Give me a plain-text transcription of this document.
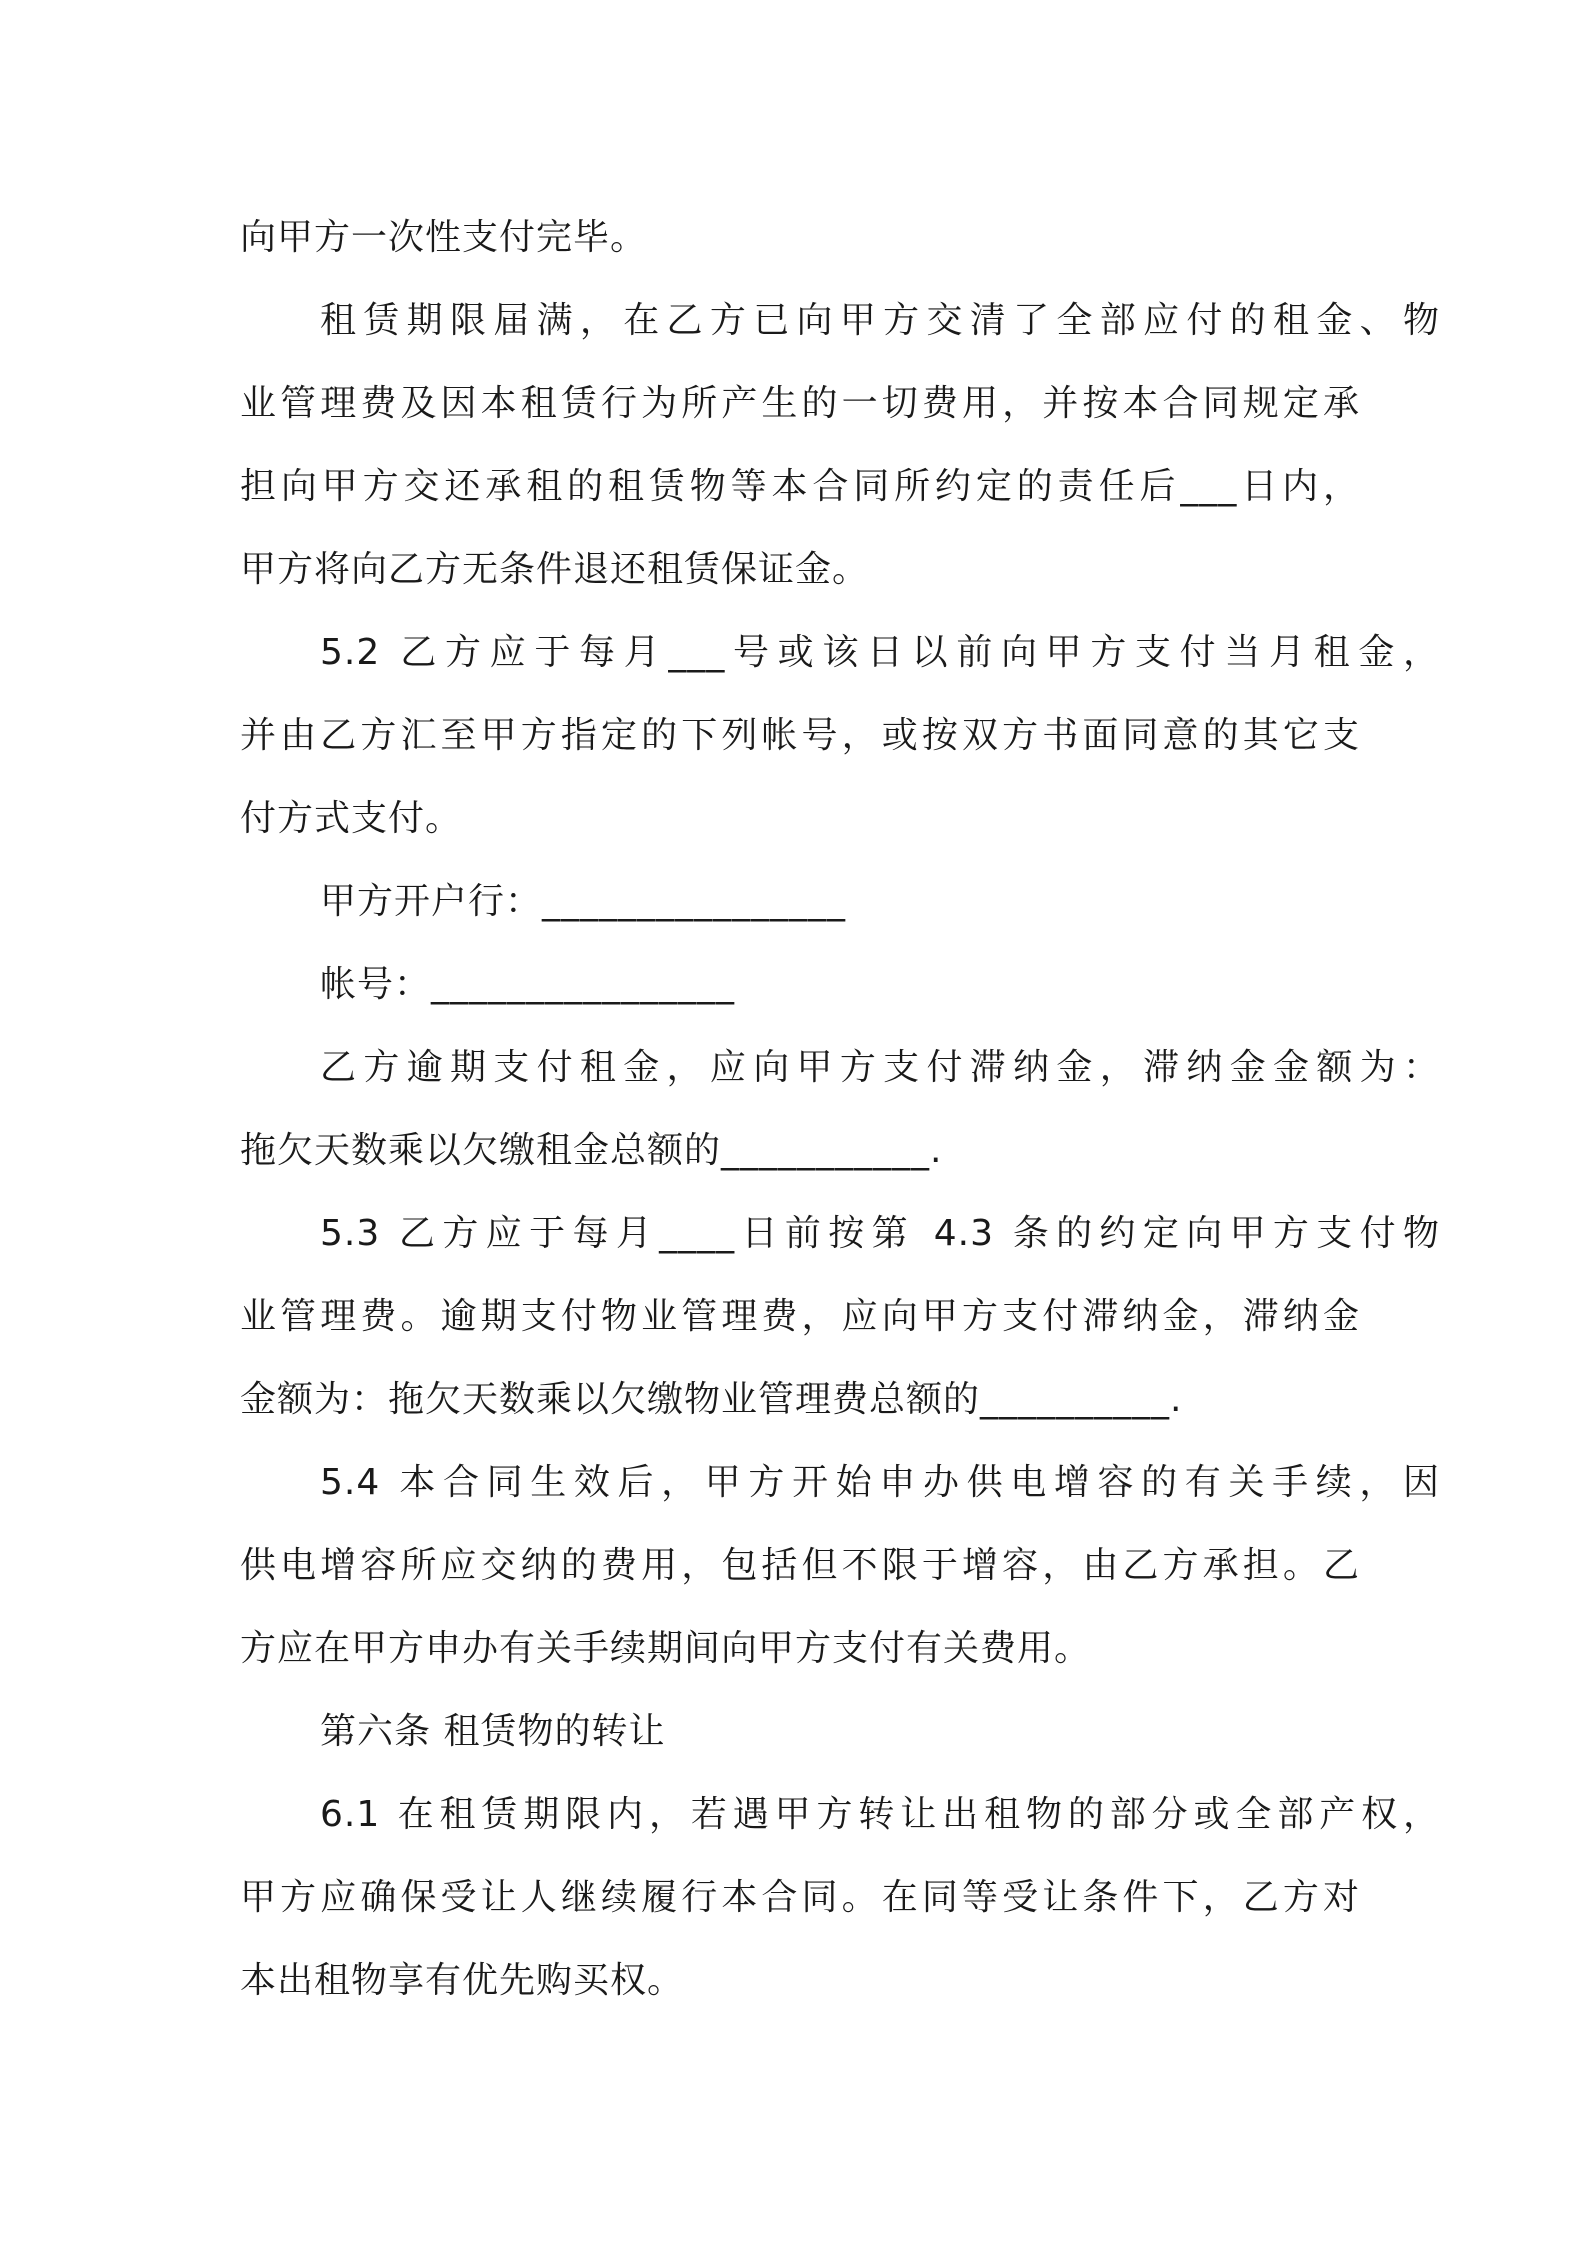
向甲方一次性支付完毕。
租赁期限届满，在乙方已向甲方交清了全部应付的租金、物
业管理费及因本租赁行为所产生的一切费用，并按本合同规定承
担向甲方交还承租的租赁物等本合同所约定的责任后___日内，
甲方将向乙方无条件退还租赁保证金。
5.2 乙方应于每月___号或该日以前向甲方支付当月租金，
并由乙方汇至甲方指定的下列帐号，或按双方书面同意的其它支
付方式支付。
甲方开户行：________________
帐号：________________
乙方逾期支付租金，应向甲方支付滞纳金，滞纳金金额为：
拖欠天数乘以欠缴租金总额的___________.
5.3 乙方应于每月____日前按第 4.3 条的约定向甲方支付物
业管理费。逾期支付物业管理费，应向甲方支付滞纳金，滞纳金
金额为：拖欠天数乘以欠缴物业管理费总额的__________.
5.4 本合同生效后，甲方开始申办供电增容的有关手续，因
供电增容所应交纳的费用，包括但不限于增容，由乙方承担。乙
方应在甲方申办有关手续期间向甲方支付有关费用。
第六条 租赁物的转让
6.1 在租赁期限内，若遇甲方转让出租物的部分或全部产权，
甲方应确保受让人继续履行本合同。在同等受让条件下，乙方对
本出租物享有优先购买权。
